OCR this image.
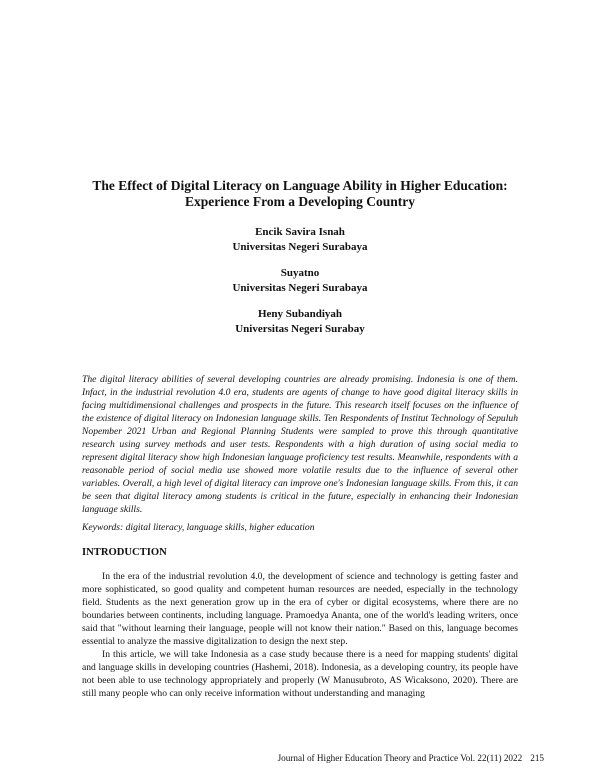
The Effect of Digital Literacy on Language Ability in Higher Education:
Experience From a Developing Country
Encik Savira Isnah
Universitas Negeri Surabaya
Suyatno
Universitas Negeri Surabaya
Heny Subandiyah
Universitas Negeri Surabay

The digital literacy abilities of several developing countries are already promising. Indonesia is one of them. Infact, in the industrial revolution 4.0 era, students are agents of change to have good digital literacy skills in facing multidimensional challenges and prospects in the future. This research itself focuses on the influence of the existence of digital literacy on Indonesian language skills. Ten Respondents of Institut Technology of Sepuluh Nopember 2021 Urban and Regional Planning Students were sampled to prove this through quantitative research using survey methods and user tests. Respondents with a high duration of using social media to represent digital literacy show high Indonesian language proficiency test results. Meanwhile, respondents with a reasonable period of social media use showed more volatile results due to the influence of several other variables. Overall, a high level of digital literacy can improve one's Indonesian language skills. From this, it can be seen that digital literacy among students is critical in the future, especially in enhancing their Indonesian language skills.

Keywords: digital literacy, language skills, higher education

INTRODUCTION

In the era of the industrial revolution 4.0, the development of science and technology is getting faster and more sophisticated, so good quality and competent human resources are needed, especially in the technology field. Students as the next generation grow up in the era of cyber or digital ecosystems, where there are no boundaries between continents, including language. Pramoedya Ananta, one of the world's leading writers, once said that "without learning their language, people will not know their nation." Based on this, language becomes essential to analyze the massive digitalization to design the next step.

In this article, we will take Indonesia as a case study because there is a need for mapping students' digital and language skills in developing countries (Hashemi, 2018). Indonesia, as a developing country, its people have not been able to use technology appropriately and properly (W Manusubroto, AS Wicaksono, 2020). There are still many people who can only receive information without understanding and managing

Journal of Higher Education Theory and Practice Vol. 22(11) 2022 215
